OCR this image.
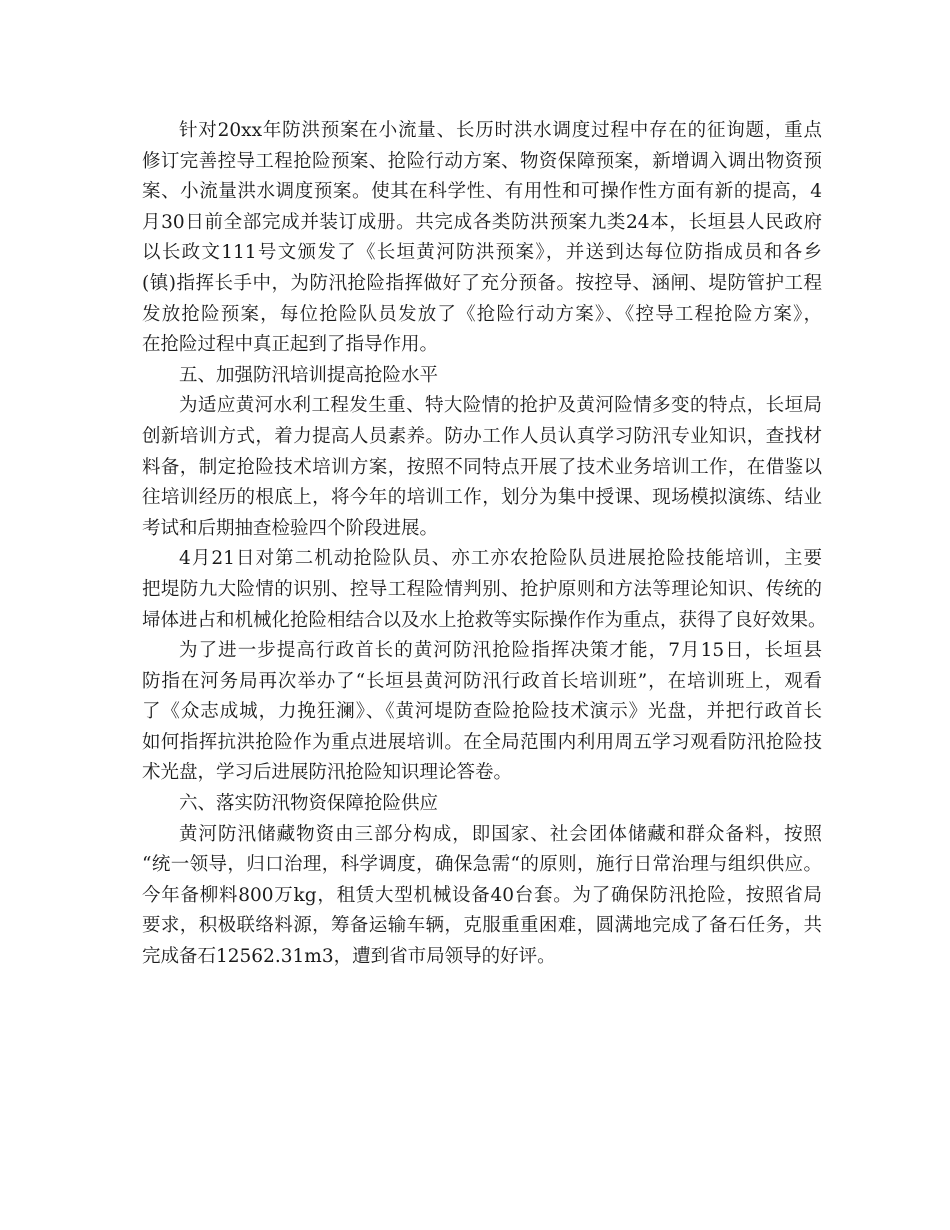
针对20xx年防洪预案在小流量、长历时洪水调度过程中存在的征询题，重点
修订完善控导工程抢险预案、抢险行动方案、物资保障预案，新增调入调出物资预
案、小流量洪水调度预案。使其在科学性、有用性和可操作性方面有新的提高，4
月30日前全部完成并装订成册。共完成各类防洪预案九类24本，长垣县人民政府
以长政文111号文颁发了《长垣黄河防洪预案》，并送到达每位防指成员和各乡
(镇)指挥长手中，为防汛抢险指挥做好了充分预备。按控导、涵闸、堤防管护工程
发放抢险预案，每位抢险队员发放了《抢险行动方案》、《控导工程抢险方案》，
在抢险过程中真正起到了指导作用。

五、加强防汛培训提高抢险水平

为适应黄河水利工程发生重、特大险情的抢护及黄河险情多变的特点，长垣局
创新培训方式，着力提高人员素养。防办工作人员认真学习防汛专业知识，查找材
料备，制定抢险技术培训方案，按照不同特点开展了技术业务培训工作，在借鉴以
往培训经历的根底上，将今年的培训工作，划分为集中授课、现场模拟演练、结业
考试和后期抽查检验四个阶段进展。

4月21日对第二机动抢险队员、亦工亦农抢险队员进展抢险技能培训，主要
把堤防九大险情的识别、控导工程险情判别、抢护原则和方法等理论知识、传统的
埽体进占和机械化抢险相结合以及水上抢救等实际操作作为重点，获得了良好效果。

为了进一步提高行政首长的黄河防汛抢险指挥决策才能，7月15日，长垣县
防指在河务局再次举办了“长垣县黄河防汛行政首长培训班”，在培训班上，观看
了《众志成城，力挽狂澜》、《黄河堤防查险抢险技术演示》光盘，并把行政首长
如何指挥抗洪抢险作为重点进展培训。在全局范围内利用周五学习观看防汛抢险技
术光盘，学习后进展防汛抢险知识理论答卷。

六、落实防汛物资保障抢险供应

黄河防汛储藏物资由三部分构成，即国家、社会团体储藏和群众备料，按照
“统一领导，归口治理，科学调度，确保急需“的原则，施行日常治理与组织供应。
今年备柳料800万kg，租赁大型机械设备40台套。为了确保防汛抢险，按照省局
要求，积极联络料源，筹备运输车辆，克服重重困难，圆满地完成了备石任务，共
完成备石12562.31m3，遭到省市局领导的好评。
